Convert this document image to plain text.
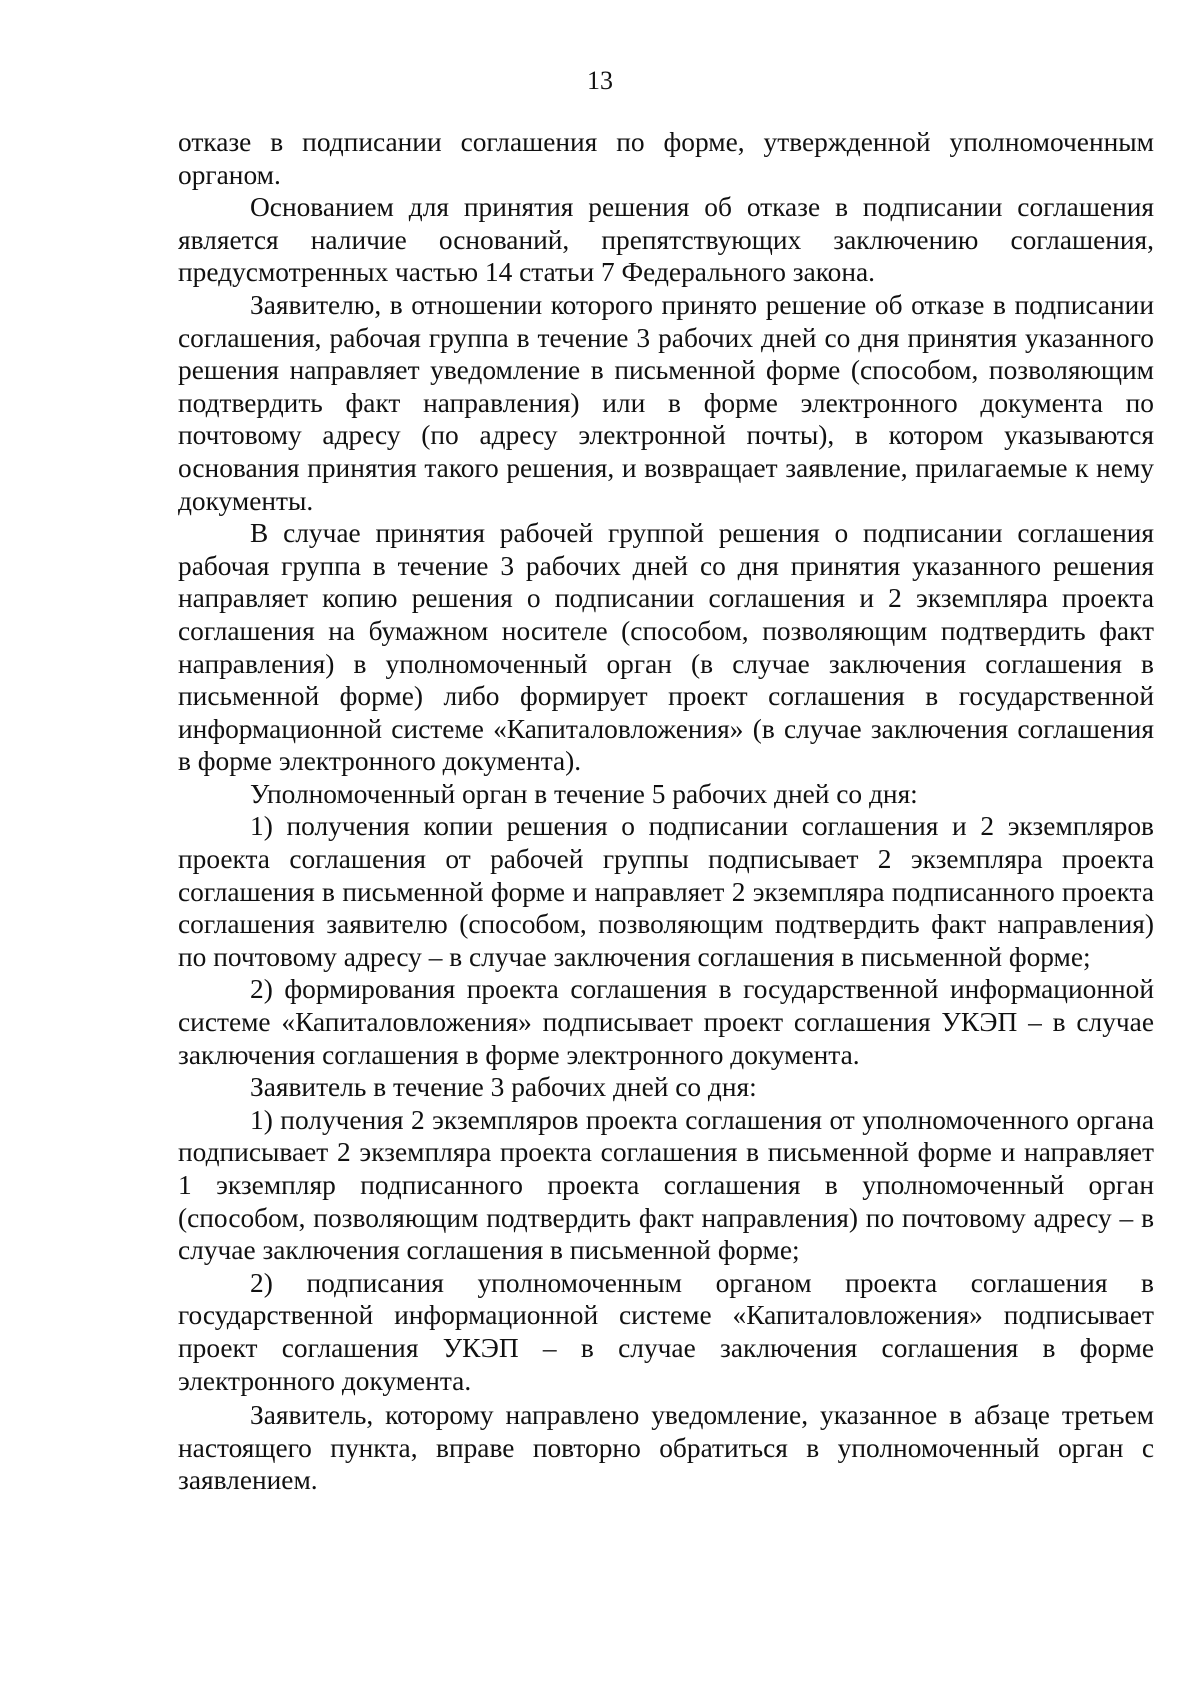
13

отказе в подписании соглашения по форме, утвержденной уполномоченным органом.

Основанием для принятия решения об отказе в подписании соглашения является наличие оснований, препятствующих заключению соглашения, предусмотренных частью 14 статьи 7 Федерального закона.

Заявителю, в отношении которого принято решение об отказе в подписании соглашения, рабочая группа в течение 3 рабочих дней со дня принятия указанного решения направляет уведомление в письменной форме (способом, позволяющим подтвердить факт направления) или в форме электронного документа по почтовому адресу (по адресу электронной почты), в котором указываются основания принятия такого решения, и возвращает заявление, прилагаемые к нему документы.

В случае принятия рабочей группой решения о подписании соглашения рабочая группа в течение 3 рабочих дней со дня принятия указанного решения направляет копию решения о подписании соглашения и 2 экземпляра проекта соглашения на бумажном носителе (способом, позволяющим подтвердить факт направления) в уполномоченный орган (в случае заключения соглашения в письменной форме) либо формирует проект соглашения в государственной информационной системе «Капиталовложения» (в случае заключения соглашения в форме электронного документа).

Уполномоченный орган в течение 5 рабочих дней со дня:

1) получения копии решения о подписании соглашения и 2 экземпляров проекта соглашения от рабочей группы подписывает 2 экземпляра проекта соглашения в письменной форме и направляет 2 экземпляра подписанного проекта соглашения заявителю (способом, позволяющим подтвердить факт направления) по почтовому адресу – в случае заключения соглашения в письменной форме;

2) формирования проекта соглашения в государственной информационной системе «Капиталовложения» подписывает проект соглашения УКЭП – в случае заключения соглашения в форме электронного документа.

Заявитель в течение 3 рабочих дней со дня:

1) получения 2 экземпляров проекта соглашения от уполномоченного органа подписывает 2 экземпляра проекта соглашения в письменной форме и направляет 1 экземпляр подписанного проекта соглашения в уполномоченный орган (способом, позволяющим подтвердить факт направления) по почтовому адресу – в случае заключения соглашения в письменной форме;

2) подписания уполномоченным органом проекта соглашения в государственной информационной системе «Капиталовложения» подписывает проект соглашения УКЭП – в случае заключения соглашения в форме электронного документа.

Заявитель, которому направлено уведомление, указанное в абзаце третьем настоящего пункта, вправе повторно обратиться в уполномоченный орган с заявлением.
